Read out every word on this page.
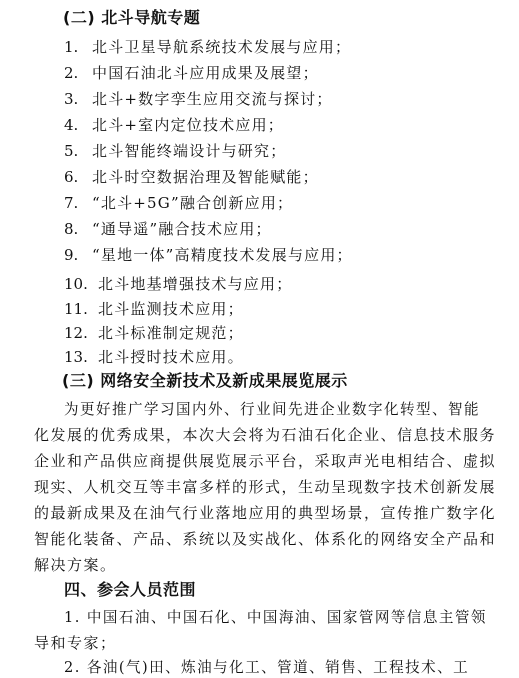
(二) 北斗导航专题
1. 北斗卫星导航系统技术发展与应用；
2. 中国石油北斗应用成果及展望；
3. 北斗+数字孪生应用交流与探讨；
4. 北斗+室内定位技术应用；
5. 北斗智能终端设计与研究；
6. 北斗时空数据治理及智能赋能；
7. “北斗+5G”融合创新应用；
8. “通导遥”融合技术应用；
9. “星地一体”高精度技术发展与应用；
10. 北斗地基增强技术与应用；
11. 北斗监测技术应用；
12. 北斗标准制定规范；
13. 北斗授时技术应用。
(三) 网络安全新技术及新成果展览展示
为更好推广学习国内外、行业间先进企业数字化转型、智能
化发展的优秀成果，本次大会将为石油石化企业、信息技术服务
企业和产品供应商提供展览展示平台，采取声光电相结合、虚拟
现实、人机交互等丰富多样的形式，生动呈现数字技术创新发展
的最新成果及在油气行业落地应用的典型场景，宣传推广数字化
智能化装备、产品、系统以及实战化、体系化的网络安全产品和
解决方案。
四、参会人员范围
1. 中国石油、中国石化、中国海油、国家管网等信息主管领
导和专家；
2. 各油(气)田、炼油与化工、管道、销售、工程技术、工
